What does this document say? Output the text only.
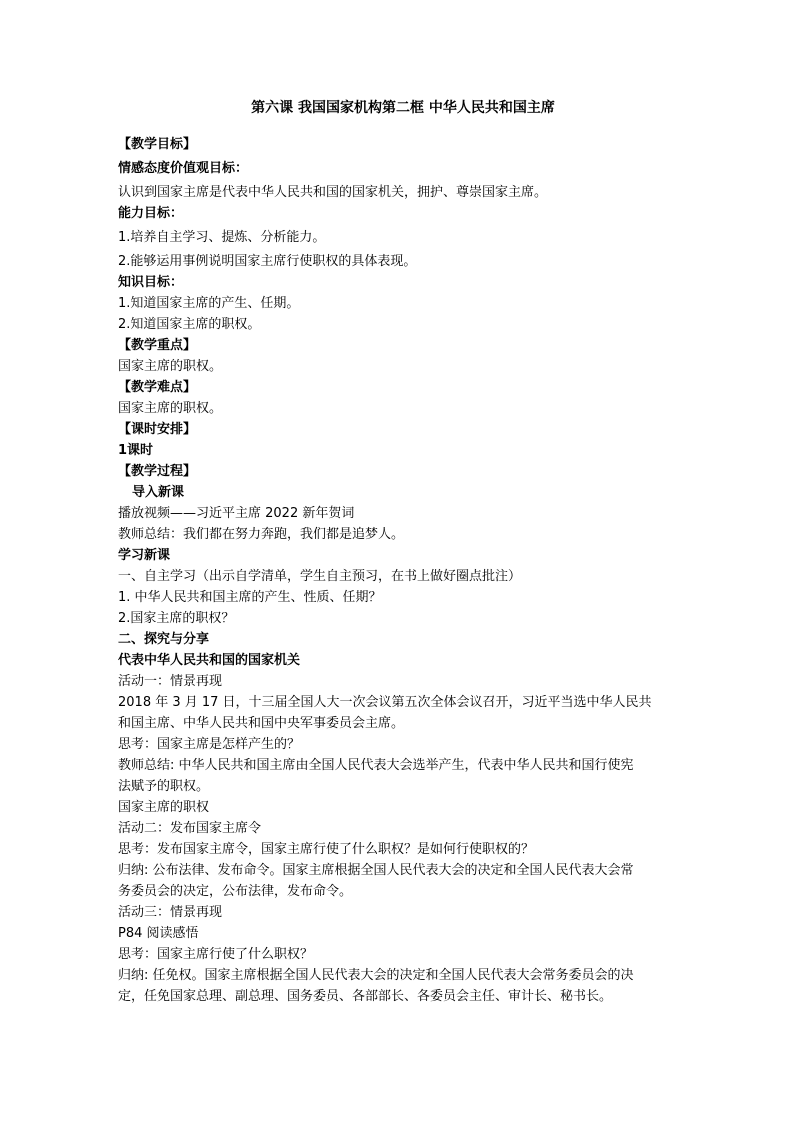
第六课 我国国家机构第二框 中华人民共和国主席
【教学目标】
情感态度价值观目标：
认识到国家主席是代表中华人民共和国的国家机关，拥护、尊崇国家主席。
能力目标：
1.培养自主学习、提炼、分析能力。
2.能够运用事例说明国家主席行使职权的具体表现。
知识目标：
1.知道国家主席的产生、任期。
2.知道国家主席的职权。
【教学重点】
国家主席的职权。
【教学难点】
国家主席的职权。
【课时安排】
1课时
【教学过程】
导入新课
播放视频——习近平主席 2022 新年贺词
教师总结：我们都在努力奔跑，我们都是追梦人。
学习新课
一、自主学习（出示自学清单，学生自主预习，在书上做好圈点批注）
1. 中华人民共和国主席的产生、性质、任期？
2.国家主席的职权？
二、探究与分享
代表中华人民共和国的国家机关
活动一：情景再现
2018 年 3 月 17 日，十三届全国人大一次会议第五次全体会议召开，习近平当选中华人民共
和国主席、中华人民共和国中央军事委员会主席。
思考：国家主席是怎样产生的？
教师总结: 中华人民共和国主席由全国人民代表大会选举产生，代表中华人民共和国行使宪
法赋予的职权。
国家主席的职权
活动二：发布国家主席令
思考：发布国家主席令，国家主席行使了什么职权？是如何行使职权的？
归纳: 公布法律、发布命令。国家主席根据全国人民代表大会的决定和全国人民代表大会常
务委员会的决定，公布法律，发布命令。
活动三：情景再现
P84 阅读感悟
思考：国家主席行使了什么职权？
归纳: 任免权。国家主席根据全国人民代表大会的决定和全国人民代表大会常务委员会的决
定，任免国家总理、副总理、国务委员、各部部长、各委员会主任、审计长、秘书长。
